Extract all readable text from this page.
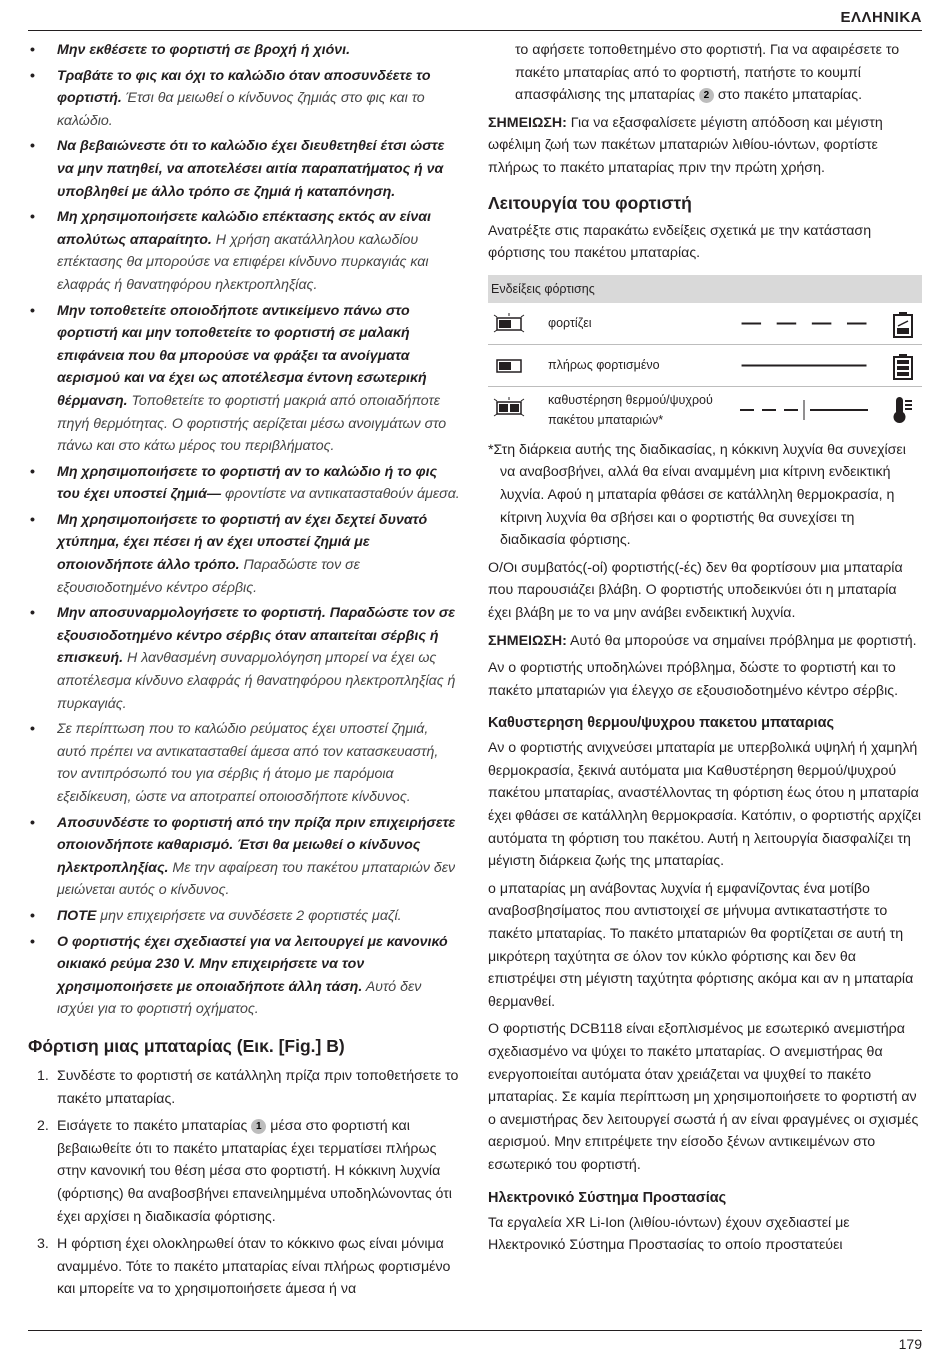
ΕΛΛΗΝΙΚΑ
• Μην εκθέσετε το φορτιστή σε βροχή ή χιόνι.
• Τραβάτε το φις και όχι το καλώδιο όταν αποσυνδέετε το φορτιστή. Έτσι θα μειωθεί ο κίνδυνος ζημιάς στο φις και το καλώδιο.
• Να βεβαιώνεστε ότι το καλώδιο έχει διευθετηθεί έτσι ώστε να μην πατηθεί, να αποτελέσει αιτία παραπατήματος ή να υποβληθεί με άλλο τρόπο σε ζημιά ή καταπόνηση.
• Μη χρησιμοποιήσετε καλώδιο επέκτασης εκτός αν είναι απολύτως απαραίτητο. Η χρήση ακατάλληλου καλωδίου επέκτασης θα μπορούσε να επιφέρει κίνδυνο πυρκαγιάς και ελαφράς ή θανατηφόρου ηλεκτροπληξίας.
• Μην τοποθετείτε οποιοδήποτε αντικείμενο πάνω στο φορτιστή και μην τοποθετείτε το φορτιστή σε μαλακή επιφάνεια που θα μπορούσε να φράξει τα ανοίγματα αερισμού και να έχει ως αποτέλεσμα έντονη εσωτερική θέρμανση. Τοποθετείτε το φορτιστή μακριά από οποιαδήποτε πηγή θερμότητας. Ο φορτιστής αερίζεται μέσω ανοιγμάτων στο πάνω και στο κάτω μέρος του περιβλήματος.
• Μη χρησιμοποιήσετε το φορτιστή αν το καλώδιο ή το φις του έχει υποστεί ζημιά— φροντίστε να αντικατασταθούν άμεσα.
• Μη χρησιμοποιήσετε το φορτιστή αν έχει δεχτεί δυνατό χτύπημα, έχει πέσει ή αν έχει υποστεί ζημιά με οποιονδήποτε άλλο τρόπο. Παραδώστε τον σε εξουσιοδοτημένο κέντρο σέρβις.
• Μην αποσυναρμολογήσετε το φορτιστή. Παραδώστε τον σε εξουσιοδοτημένο κέντρο σέρβις όταν απαιτείται σέρβις ή επισκευή. Η λανθασμένη συναρμολόγηση μπορεί να έχει ως αποτέλεσμα κίνδυνο ελαφράς ή θανατηφόρου ηλεκτροπληξίας ή πυρκαγιάς.
• Σε περίπτωση που το καλώδιο ρεύματος έχει υποστεί ζημιά, αυτό πρέπει να αντικατασταθεί άμεσα από τον κατασκευαστή, τον αντιπρόσωπό του για σέρβις ή άτομο με παρόμοια εξειδίκευση, ώστε να αποτραπεί οποιοσδήποτε κίνδυνος.
• Αποσυνδέστε το φορτιστή από την πρίζα πριν επιχειρήσετε οποιονδήποτε καθαρισμό. Έτσι θα μειωθεί ο κίνδυνος ηλεκτροπληξίας. Με την αφαίρεση του πακέτου μπαταριών δεν μειώνεται αυτός ο κίνδυνος.
• ΠΟΤΕ μην επιχειρήσετε να συνδέσετε 2 φορτιστές μαζί.
• Ο φορτιστής έχει σχεδιαστεί για να λειτουργεί με κανονικό οικιακό ρεύμα 230 V. Μην επιχειρήσετε να τον χρησιμοποιήσετε με οποιαδήποτε άλλη τάση. Αυτό δεν ισχύει για το φορτιστή οχήματος.
Φόρτιση μιας μπαταρίας (Εικ. [Fig.] B)
1. Συνδέστε το φορτιστή σε κατάλληλη πρίζα πριν τοποθετήσετε το πακέτο μπαταρίας.
2. Εισάγετε το πακέτο μπαταρίας 1 μέσα στο φορτιστή και βεβαιωθείτε ότι το πακέτο μπαταρίας έχει τερματίσει πλήρως στην κανονική του θέση μέσα στο φορτιστή. Η κόκκινη λυχνία (φόρτισης) θα αναβοσβήνει επανειλημμένα υποδηλώνοντας ότι έχει αρχίσει η διαδικασία φόρτισης.
3. Η φόρτιση έχει ολοκληρωθεί όταν το κόκκινο φως είναι μόνιμα αναμμένο. Τότε το πακέτο μπαταρίας είναι πλήρως φορτισμένο και μπορείτε να το χρησιμοποιήσετε άμεσα ή να

το αφήσετε τοποθετημένο στο φορτιστή. Για να αφαιρέσετε το πακέτο μπαταρίας από το φορτιστή, πατήστε το κουμπί απασφάλισης της μπαταρίας 2 στο πακέτο μπαταρίας.

ΣΗΜΕΙΩΣΗ: Για να εξασφαλίσετε μέγιστη απόδοση και μέγιστη ωφέλιμη ζωή των πακέτων μπαταριών λιθίου-ιόντων, φορτίστε πλήρως το πακέτο μπαταρίας πριν την πρώτη χρήση.

Λειτουργία του φορτιστή

Ανατρέξτε στις παρακάτω ενδείξεις σχετικά με την κατάσταση φόρτισης του πακέτου μπαταρίας.

Ενδείξεις φόρτισης
φορτίζει
πλήρως φορτισμένο
καθυστέρηση θερμού/ψυχρού πακέτου μπαταριών*

*Στη διάρκεια αυτής της διαδικασίας, η κόκκινη λυχνία θα συνεχίσει να αναβοσβήνει, αλλά θα είναι αναμμένη μια κίτρινη ενδεικτική λυχνία. Αφού η μπαταρία φθάσει σε κατάλληλη θερμοκρασία, η κίτρινη λυχνία θα σβήσει και ο φορτιστής θα συνεχίσει τη διαδικασία φόρτισης.

Ο/Οι συμβατός(-οί) φορτιστής(-ές) δεν θα φορτίσουν μια μπαταρία που παρουσιάζει βλάβη. Ο φορτιστής υποδεικνύει ότι η μπαταρία έχει βλάβη με το να μην ανάβει ενδεικτική λυχνία.

ΣΗΜΕΙΩΣΗ: Αυτό θα μπορούσε να σημαίνει πρόβλημα με φορτιστή.

Αν ο φορτιστής υποδηλώνει πρόβλημα, δώστε το φορτιστή και το πακέτο μπαταριών για έλεγχο σε εξουσιοδοτημένο κέντρο σέρβις.

Καθυστερηση θερμου/ψυχρου πακετου μπαταριας

Αν ο φορτιστής ανιχνεύσει μπαταρία με υπερβολικά υψηλή ή χαμηλή θερμοκρασία, ξεκινά αυτόματα μια Καθυστέρηση θερμού/ψυχρού πακέτου μπαταρίας, αναστέλλοντας τη φόρτιση έως ότου η μπαταρία έχει φθάσει σε κατάλληλη θερμοκρασία. Κατόπιν, ο φορτιστής αρχίζει αυτόματα τη φόρτιση του πακέτου. Αυτή η λειτουργία διασφαλίζει τη μέγιστη διάρκεια ζωής της μπαταρίας.

ο μπαταρίας μη ανάβοντας λυχνία ή εμφανίζοντας ένα μοτίβο αναβοσβησίματος που αντιστοιχεί σε μήνυμα αντικαταστήστε το πακέτο μπαταρίας. Το πακέτο μπαταριών θα φορτίζεται σε αυτή τη μικρότερη ταχύτητα σε όλον τον κύκλο φόρτισης και δεν θα επιστρέψει στη μέγιστη ταχύτητα φόρτισης ακόμα και αν η μπαταρία θερμανθεί.

Ο φορτιστής DCB118 είναι εξοπλισμένος με εσωτερικό ανεμιστήρα σχεδιασμένο να ψύχει το πακέτο μπαταρίας. Ο ανεμιστήρας θα ενεργοποιείται αυτόματα όταν χρειάζεται να ψυχθεί το πακέτο μπαταρίας. Σε καμία περίπτωση μη χρησιμοποιήσετε το φορτιστή αν ο ανεμιστήρας δεν λειτουργεί σωστά ή αν είναι φραγμένες οι σχισμές αερισμού. Μην επιτρέψετε την είσοδο ξένων αντικειμένων στο εσωτερικό του φορτιστή.

Ηλεκτρονικό Σύστημα Προστασίας

Τα εργαλεία XR Li-Ion (λιθίου-ιόντων) έχουν σχεδιαστεί με Ηλεκτρονικό Σύστημα Προστασίας το οποίο προστατεύει

179
